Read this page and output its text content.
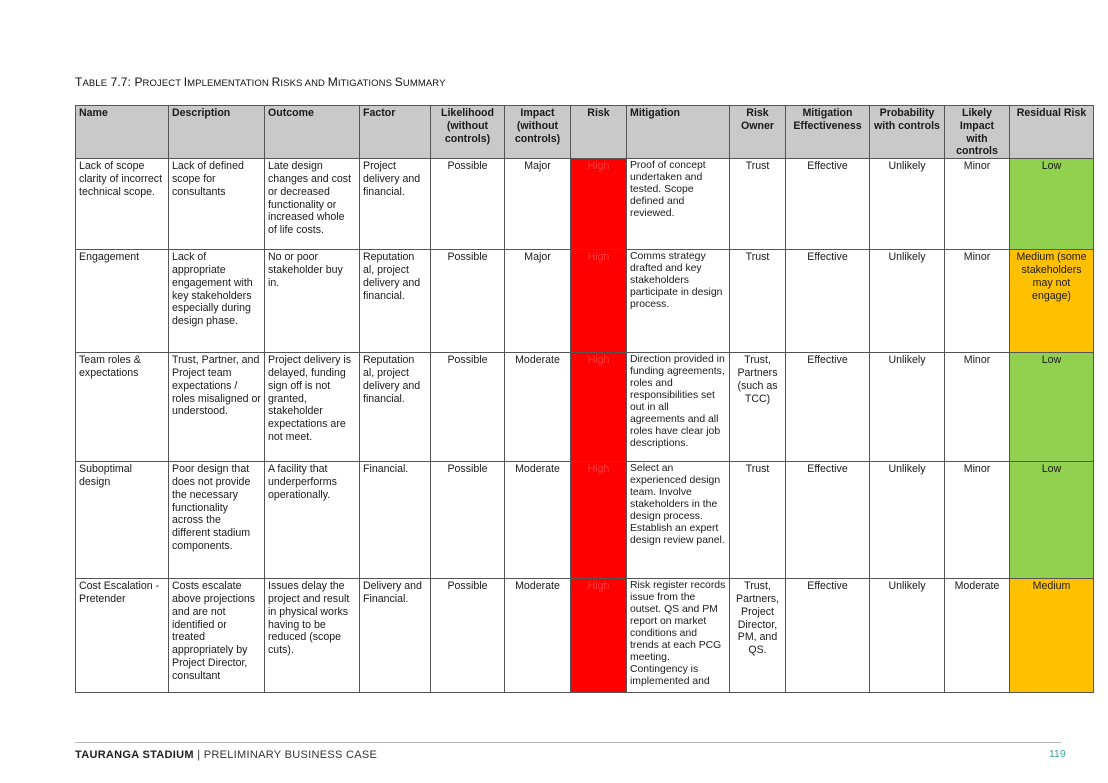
TABLE 7.7: PROJECT IMPLEMENTATION RISKS AND MITIGATIONS SUMMARY
Name	Description	Outcome	Factor	Likelihood (without controls)	Impact (without controls)	Risk	Mitigation	Risk Owner	Mitigation Effectiveness	Probability with controls	Likely Impact with controls	Residual Risk
Lack of scope clarity of incorrect technical scope.	Lack of defined scope for consultants	Late design changes and cost or decreased functionality or increased whole of life costs.	Project delivery and financial.	Possible	Major	High	Proof of concept undertaken and tested. Scope defined and reviewed.	Trust	Effective	Unlikely	Minor	Low
Engagement	Lack of appropriate engagement with key stakeholders especially during design phase.	No or poor stakeholder buy in.	Reputation al, project delivery and financial.	Possible	Major	High	Comms strategy drafted and key stakeholders participate in design process.	Trust	Effective	Unlikely	Minor	Medium (some stakeholders may not engage)
Team roles & expectations	Trust, Partner, and Project team expectations / roles misaligned or understood.	Project delivery is delayed, funding sign off is not granted, stakeholder expectations are not meet.	Reputation al, project delivery and financial.	Possible	Moderate	High	Direction provided in funding agreements, roles and responsibilities set out in all agreements and all roles have clear job descriptions.	Trust, Partners (such as TCC)	Effective	Unlikely	Minor	Low
Suboptimal design	Poor design that does not provide the necessary functionality across the different stadium components.	A facility that underperforms operationally.	Financial.	Possible	Moderate	High	Select an experienced design team. Involve stakeholders in the design process. Establish an expert design review panel.	Trust	Effective	Unlikely	Minor	Low
Cost Escalation - Pretender	Costs escalate above projections and are not identified or treated appropriately by Project Director, consultant	Issues delay the project and result in physical works having to be reduced (scope cuts).	Delivery and Financial.	Possible	Moderate	High	Risk register records issue from the outset. QS and PM report on market conditions and trends at each PCG meeting. Contingency is implemented and	Trust, Partners, Project Director, PM, and QS.	Effective	Unlikely	Moderate	Medium
TAURANGA STADIUM | PRELIMINARY BUSINESS CASE	119
